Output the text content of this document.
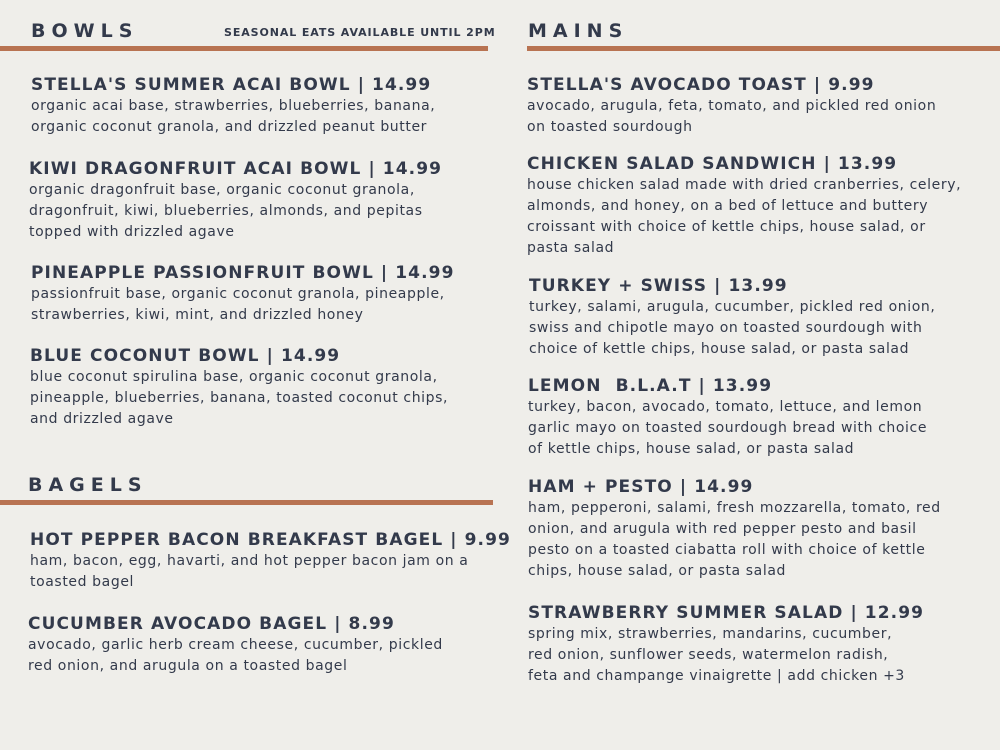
BOWLS	SEASONAL EATS AVAILABLE UNTIL 2PM
STELLA'S SUMMER ACAI BOWL | 14.99
organic acai base, strawberries, blueberries, banana,
organic coconut granola, and drizzled peanut butter
KIWI DRAGONFRUIT ACAI BOWL | 14.99
organic dragonfruit base, organic coconut granola,
dragonfruit, kiwi, blueberries, almonds, and pepitas
topped with drizzled agave
PINEAPPLE PASSIONFRUIT BOWL | 14.99
passionfruit base, organic coconut granola, pineapple,
strawberries, kiwi, mint, and drizzled honey
BLUE COCONUT BOWL | 14.99
blue coconut spirulina base, organic coconut granola,
pineapple, blueberries, banana, toasted coconut chips,
and drizzled agave
BAGELS
HOT PEPPER BACON BREAKFAST BAGEL | 9.99
ham, bacon, egg, havarti, and hot pepper bacon jam on a
toasted bagel
CUCUMBER AVOCADO BAGEL | 8.99
avocado, garlic herb cream cheese, cucumber, pickled
red onion, and arugula on a toasted bagel
MAINS
STELLA'S AVOCADO TOAST | 9.99
avocado, arugula, feta, tomato, and pickled red onion
on toasted sourdough
CHICKEN SALAD SANDWICH | 13.99
house chicken salad made with dried cranberries, celery,
almonds, and honey, on a bed of lettuce and buttery
croissant with choice of kettle chips, house salad, or
pasta salad
TURKEY + SWISS | 13.99
turkey, salami, arugula, cucumber, pickled red onion,
swiss and chipotle mayo on toasted sourdough with
choice of kettle chips, house salad, or pasta salad
LEMON  B.L.A.T | 13.99
turkey, bacon, avocado, tomato, lettuce, and lemon
garlic mayo on toasted sourdough bread with choice
of kettle chips, house salad, or pasta salad
HAM + PESTO | 14.99
ham, pepperoni, salami, fresh mozzarella, tomato, red
onion, and arugula with red pepper pesto and basil
pesto on a toasted ciabatta roll with choice of kettle
chips, house salad, or pasta salad
STRAWBERRY SUMMER SALAD | 12.99
spring mix, strawberries, mandarins, cucumber,
red onion, sunflower seeds, watermelon radish,
feta and champange vinaigrette | add chicken +3
